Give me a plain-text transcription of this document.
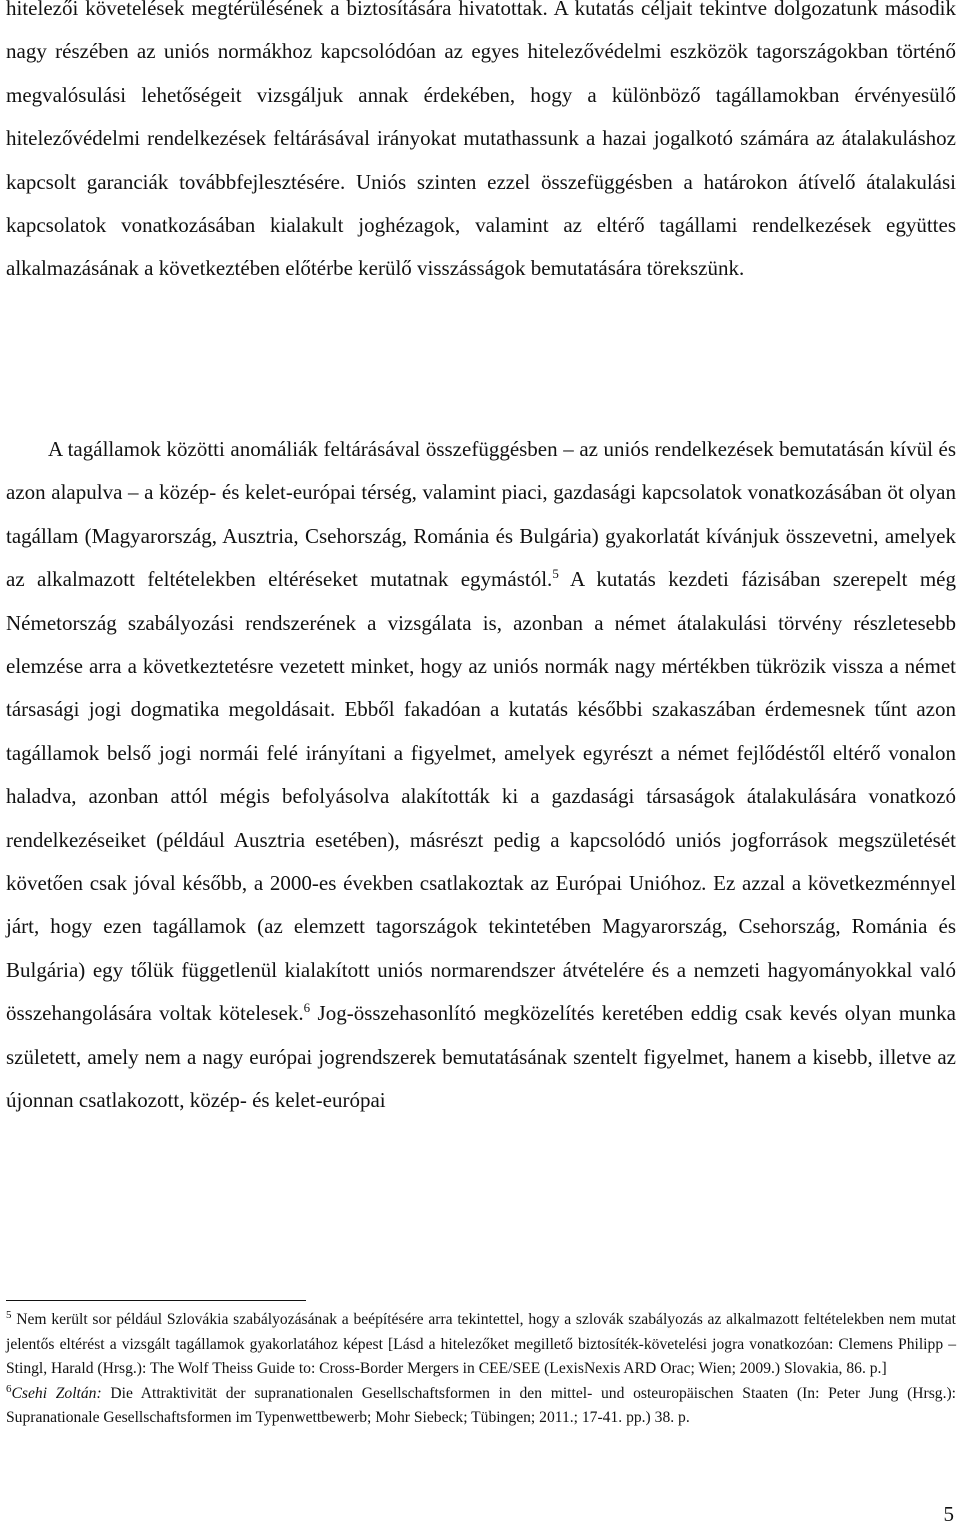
hitelezői követelések megtérülésének a biztosítására hivatottak. A kutatás céljait tekintve dolgozatunk második nagy részében az uniós normákhoz kapcsolódóan az egyes hitelezővédelmi eszközök tagországokban történő megvalósulási lehetőségeit vizsgáljuk annak érdekében, hogy a különböző tagállamokban érvényesülő hitelezővédelmi rendelkezések feltárásával irányokat mutathassunk a hazai jogalkotó számára az átalakuláshoz kapcsolt garanciák továbbfejlesztésére. Uniós szinten ezzel összefüggésben a határokon átívelő átalakulási kapcsolatok vonatkozásában kialakult joghézagok, valamint az eltérő tagállami rendelkezések együttes alkalmazásának a következtében előtérbe kerülő visszásságok bemutatására törekszünk.

A tagállamok közötti anomáliák feltárásával összefüggésben – az uniós rendelkezések bemutatásán kívül és azon alapulva – a közép- és kelet-európai térség, valamint piaci, gazdasági kapcsolatok vonatkozásában öt olyan tagállam (Magyarország, Ausztria, Csehország, Románia és Bulgária) gyakorlatát kívánjuk összevetni, amelyek az alkalmazott feltételekben eltéréseket mutatnak egymástól.$^5$ A kutatás kezdeti fázisában szerepelt még Németország szabályozási rendszerének a vizsgálata is, azonban a német átalakulási törvény részletesebb elemzése arra a következtetésre vezetett minket, hogy az uniós normák nagy mértékben tükrözik vissza a német társasági jogi dogmatika megoldásait. Ebből fakadóan a kutatás későbbi szakaszában érdemesnek tűnt azon tagállamok belső jogi normái felé irányítani a figyelmet, amelyek egyrészt a német fejlődéstől eltérő vonalon haladva, azonban attól mégis befolyásolva alakították ki a gazdasági társaságok átalakulására vonatkozó rendelkezéseiket (például Ausztria esetében), másrészt pedig a kapcsolódó uniós jogforrások megszületését követően csak jóval később, a 2000-es években csatlakoztak az Európai Unióhoz. Ez azzal a következménnyel járt, hogy ezen tagállamok (az elemzett tagországok tekintetében Magyarország, Csehország, Románia és Bulgária) egy tőlük függetlenül kialakított uniós normarendszer átvételére és a nemzeti hagyományokkal való összehangolására voltak kötelesek.$^6$ Jog-összehasonlító megközelítés keretében eddig csak kevés olyan munka született, amely nem a nagy európai jogrendszerek bemutatásának szentelt figyelmet, hanem a kisebb, illetve az újonnan csatlakozott, közép- és kelet-európai

$^5$ Nem került sor például Szlovákia szabályozásának a beépítésére arra tekintettel, hogy a szlovák szabályozás az alkalmazott feltételekben nem mutat jelentős eltérést a vizsgált tagállamok gyakorlatához képest [Lásd a hitelezőket megillető biztosíték-követelési jogra vonatkozóan: Clemens Philipp – Stingl, Harald (Hrsg.): The Wolf Theiss Guide to: Cross-Border Mergers in CEE/SEE (LexisNexis ARD Orac; Wien; 2009.) Slovakia, 86. p.]

$^6$Csehi Zoltán: Die Attraktivität der supranationalen Gesellschaftsformen in den mittel- und osteuropäischen Staaten (In: Peter Jung (Hrsg.): Supranationale Gesellschaftsformen im Typenwettbewerb; Mohr Siebeck; Tübingen; 2011.; 17-41. pp.) 38. p.

5
